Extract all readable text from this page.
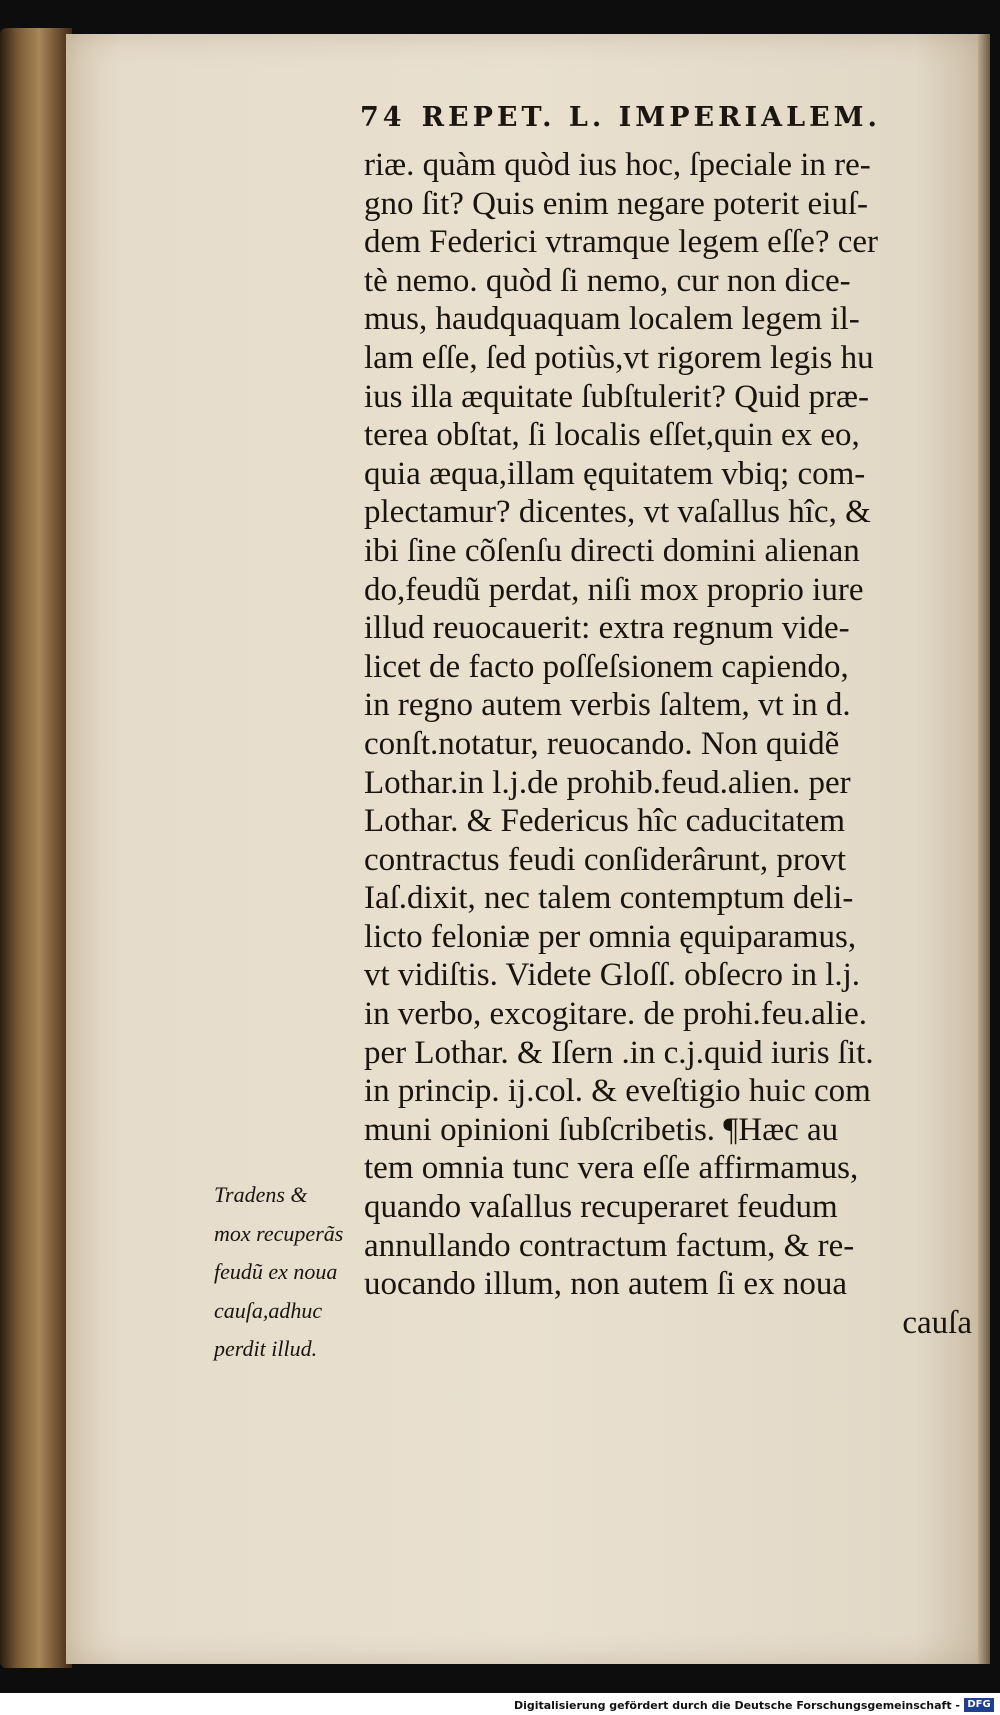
74 REPET. L. IMPERIALEM.
riæ. quàm quòd ius hoc, ſpeciale in re-
gno ſit? Quis enim negare poterit eiuſ-
dem Federici vtramque legem eſſe? cer
tè nemo. quòd ſi nemo, cur non dice-
mus, haudquaquam localem legem il-
lam eſſe, ſed potiùs,vt rigorem legis hu
ius illa æquitate ſubſtulerit? Quid præ-
terea obſtat, ſi localis eſſet,quin ex eo,
quia æqua,illam ęquitatem vbiq; com-
plectamur? dicentes, vt vaſallus hîc, &
ibi ſine cõſenſu directi domini alienan
do,feudũ perdat, niſi mox proprio iure
illud reuocauerit: extra regnum vide-
licet de facto poſſeſsionem capiendo,
in regno autem verbis ſaltem, vt in d.
conſt.notatur, reuocando. Non quidẽ
Lothar.in l.j.de prohib.feud.alien. per
Lothar. & Federicus hîc caducitatem
contractus feudi conſiderârunt, provt
Iaſ.dixit, nec talem contemptum deli-
licto feloniæ per omnia ęquiparamus,
vt vidiſtis. Videte Gloſſ. obſecro in l.j.
in verbo, excogitare. de prohi.feu.alie.
per Lothar. & Iſern .in c.j.quid iuris ſit.
in princip. ij.col. & eveſtigio huic com
muni opinioni ſubſcribetis. ¶Hæc au
tem omnia tunc vera eſſe affirmamus,
quando vaſallus recuperaret feudum
annullando contractum factum, & re-
uocando illum, non autem ſi ex noua
cauſa
Tradens &
mox recuperãs
feudũ ex noua
cauſa,adhuc
perdit illud.
Digitalisierung gefördert durch die Deutsche Forschungsgemeinschaft - DFG
